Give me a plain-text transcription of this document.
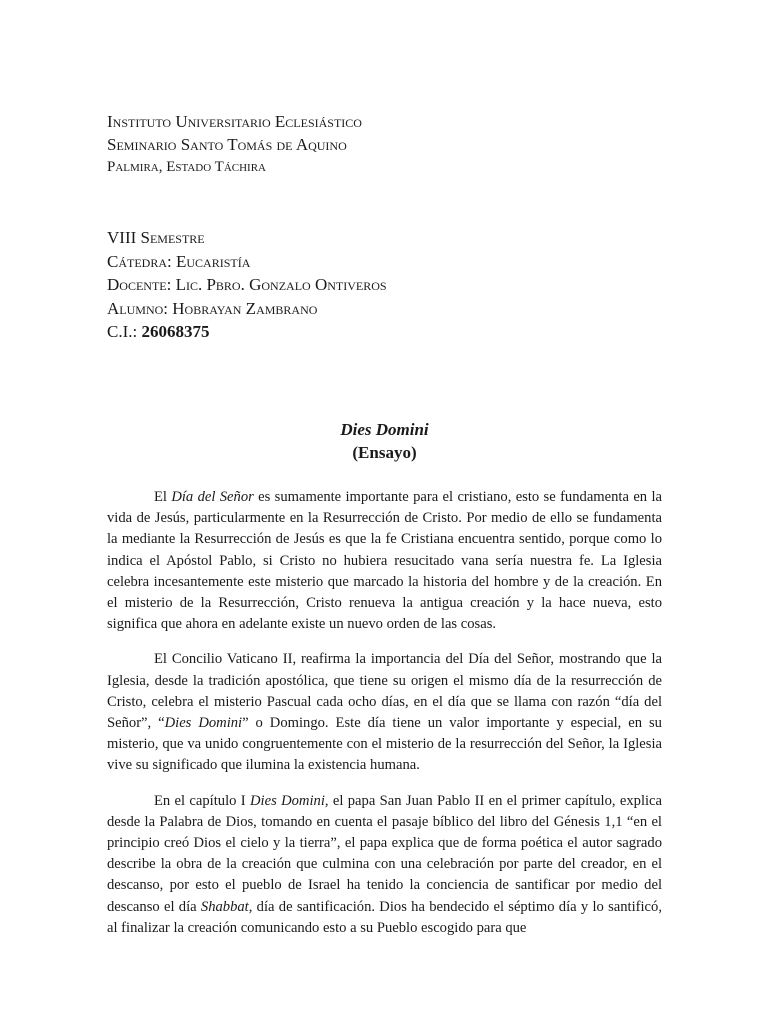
Instituto Universitario Eclesiástico
Seminario Santo Tomás de Aquino
Palmira, Estado Táchira
VIII Semestre
Cátedra: Eucaristía
Docente: Lic. Pbro. Gonzalo Ontiveros
Alumno: Hobrayan Zambrano
C.I.: 26068375
Dies Domini
(Ensayo)

El Día del Señor es sumamente importante para el cristiano, esto se fundamenta en la vida de Jesús, particularmente en la Resurrección de Cristo. Por medio de ello se fundamenta la mediante la Resurrección de Jesús es que la fe Cristiana encuentra sentido, porque como lo indica el Apóstol Pablo, si Cristo no hubiera resucitado vana sería nuestra fe. La Iglesia celebra incesantemente este misterio que marcado la historia del hombre y de la creación. En el misterio de la Resurrección, Cristo renueva la antigua creación y la hace nueva, esto significa que ahora en adelante existe un nuevo orden de las cosas.

El Concilio Vaticano II, reafirma la importancia del Día del Señor, mostrando que la Iglesia, desde la tradición apostólica, que tiene su origen el mismo día de la resurrección de Cristo, celebra el misterio Pascual cada ocho días, en el día que se llama con razón “día del Señor”, “Dies Domini” o Domingo. Este día tiene un valor importante y especial, en su misterio, que va unido congruentemente con el misterio de la resurrección del Señor, la Iglesia vive su significado que ilumina la existencia humana.

En el capítulo I Dies Domini, el papa San Juan Pablo II en el primer capítulo, explica desde la Palabra de Dios, tomando en cuenta el pasaje bíblico del libro del Génesis 1,1 “en el principio creó Dios el cielo y la tierra”, el papa explica que de forma poética el autor sagrado describe la obra de la creación que culmina con una celebración por parte del creador, en el descanso, por esto el pueblo de Israel ha tenido la conciencia de santificar por medio del descanso el día Shabbat, día de santificación. Dios ha bendecido el séptimo día y lo santificó, al finalizar la creación comunicando esto a su Pueblo escogido para que
